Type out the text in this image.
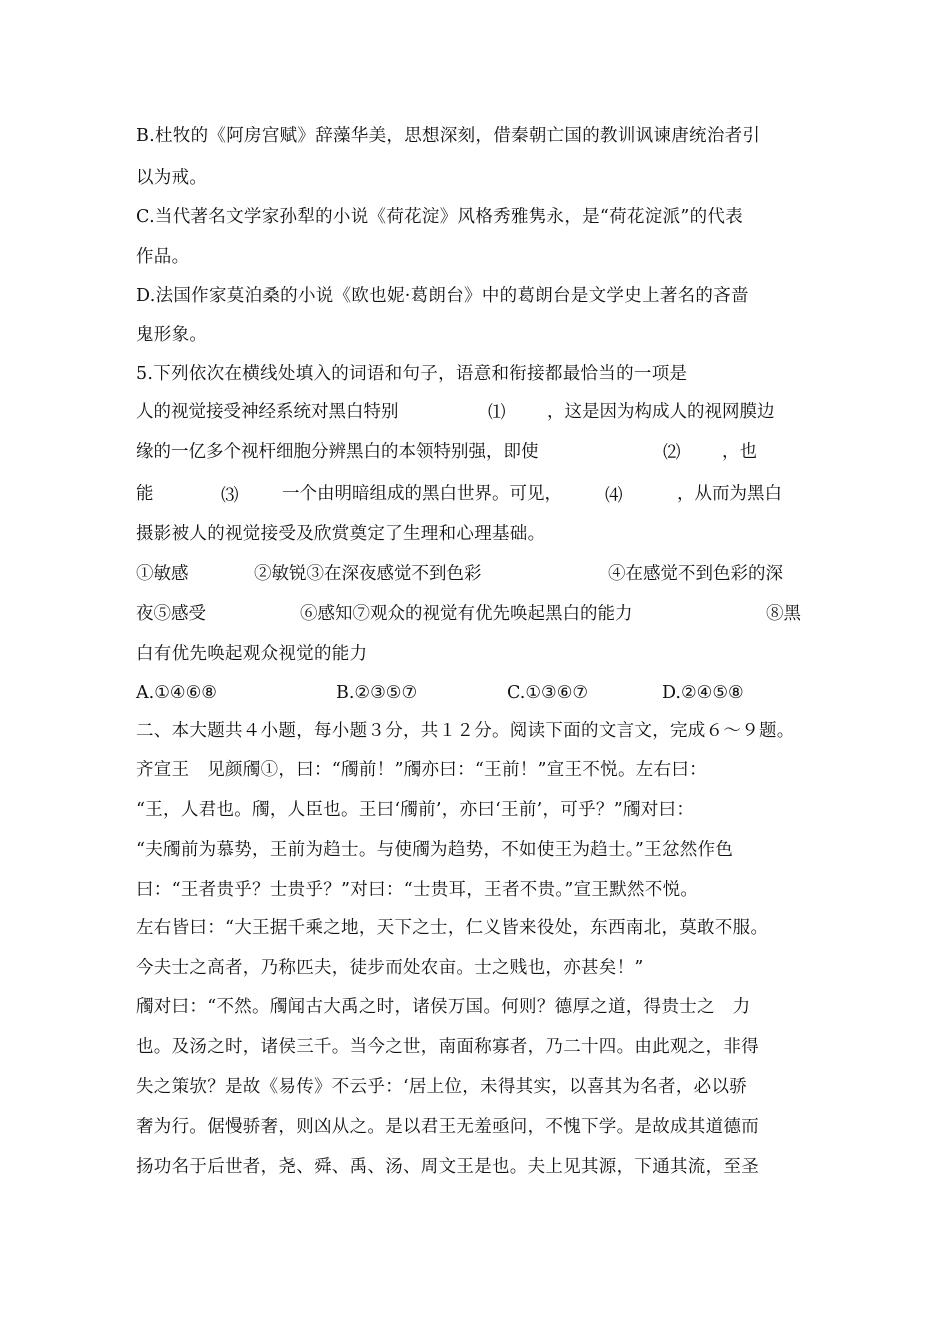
B.杜牧的《阿房宫赋》辞藻华美，思想深刻，借秦朝亡国的教训讽谏唐统治者引
以为戒。
C.当代著名文学家孙犁的小说《荷花淀》风格秀雅隽永，是“荷花淀派”的代表
作品。
D.法国作家莫泊桑的小说《欧也妮·葛朗台》中的葛朗台是文学史上著名的吝啬
鬼形象。
5.下列依次在横线处填入的词语和句子，语意和衔接都最恰当的一项是
人的视觉接受神经系统对黑白特别	⑴ ，这是因为构成人的视网膜边
缘的一亿多个视杆细胞分辨黑白的本领特别强，即使	⑵ ，也
能	⑶ 一个由明暗组成的黑白世界。可见， ⑷	，从而为黑白
摄影被人的视觉接受及欣赏奠定了生理和心理基础。
①敏感	②敏锐③在深夜感觉不到色彩	④在感觉不到色彩的深
夜⑤感受	⑥感知⑦观众的视觉有优先唤起黑白的能力	⑧黑
白有优先唤起观众视觉的能力
A.①④⑥⑧	B.②③⑤⑦	C.①③⑥⑦	D.②④⑤⑧
二、本大题共４小题，每小题３分，共１２分。阅读下面的文言文，完成６～９题。
齐宣王　见颜斶①，曰：“斶前！”斶亦曰：“王前！”宣王不悦。左右曰：
“王，人君也。斶，人臣也。王曰‘斶前’，亦曰‘王前’，可乎？”斶对曰：
“夫斶前为慕势，王前为趋士。与使斶为趋势，不如使王为趋士。”王忿然作色
曰：“王者贵乎？士贵乎？”对曰：“士贵耳，王者不贵。”宣王默然不悦。
左右皆曰：“大王据千乘之地，天下之士，仁义皆来役处，东西南北，莫敢不服。
今夫士之高者，乃称匹夫，徒步而处农亩。士之贱也，亦甚矣！”
斶对曰：“不然。斶闻古大禹之时，诸侯万国。何则？德厚之道，得贵士之　力
也。及汤之时，诸侯三千。当今之世，南面称寡者，乃二十四。由此观之，非得
失之策欤？是故《易传》不云乎：‘居上位，未得其实，以喜其为名者，必以骄
奢为行。倨慢骄奢，则凶从之。是以君王无羞亟问，不愧下学。是故成其道德而
扬功名于后世者，尧、舜、禹、汤、周文王是也。夫上见其源，下通其流，至圣
